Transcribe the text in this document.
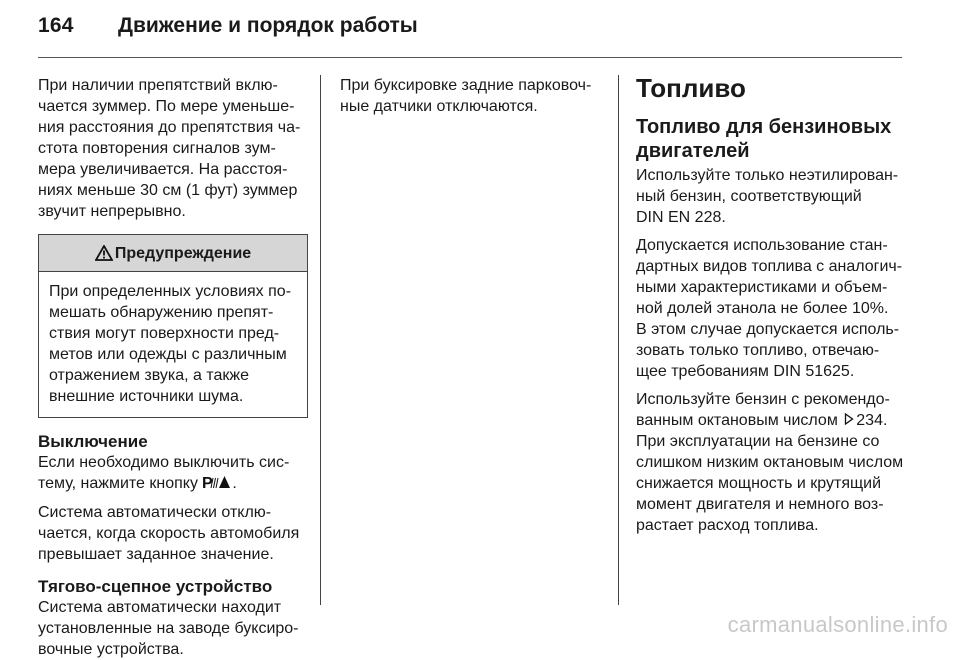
164 Движение и порядок работы

При наличии препятствий вклю-
чается зуммер. По мере уменьше-
ния расстояния до препятствия ча-
стота повторения сигналов зум-
мера увеличивается. На расстоя-
ниях меньше 30 см (1 фут) зуммер
звучит непрерывно.

Предупреждение
При определенных условиях по-
мешать обнаружению препят-
ствия могут поверхности пред-
метов или одежды с различным
отражением звука, а также
внешние источники шума.
Выключение

Если необходимо выключить сис-
тему, нажмите кнопку P .

Система автоматически отклю-
чается, когда скорость автомобиля
превышает заданное значение.

Тягово-сцепное устройство

Система автоматически находит
установленные на заводе буксиро-
вочные устройства.

При буксировке задние парковоч-
ные датчики отключаются.

Топливо
Топливо для бензиновых
двигателей

Используйте только неэтилирован-
ный бензин, соответствующий
DIN EN 228.

Допускается использование стан-
дартных видов топлива с аналогич-
ными характеристиками и объем-
ной долей этанола не более 10%.
В этом случае допускается исполь-
зовать только топливо, отвечаю-
щее требованиям DIN 51625.

Используйте бензин с рекомендо-
ванным октановым числом 234.
При эксплуатации на бензине со
слишком низким октановым числом
снижается мощность и крутящий
момент двигателя и немного воз-
растает расход топлива.

carmanualsonline.info
